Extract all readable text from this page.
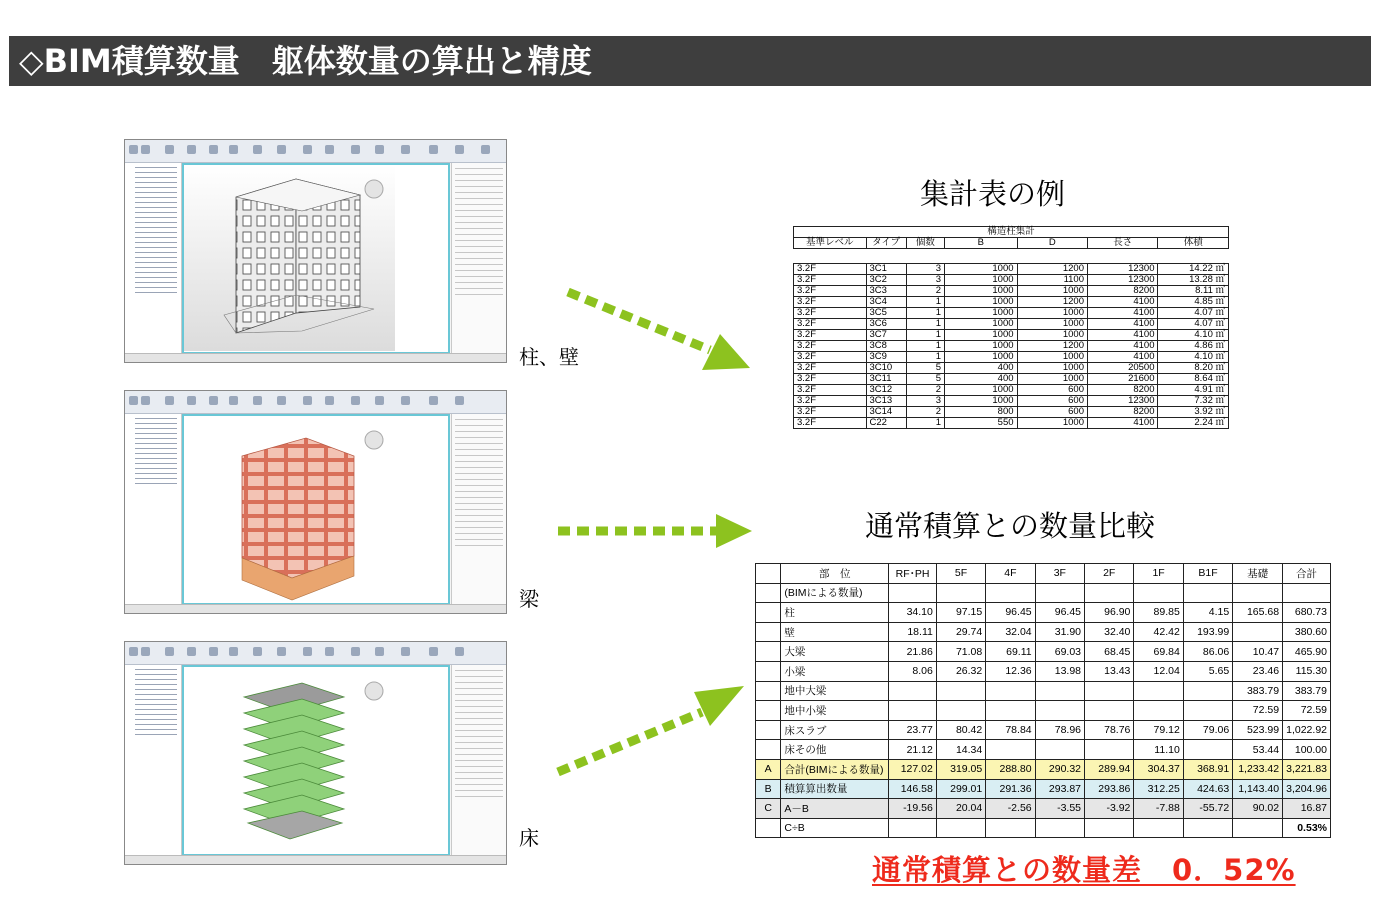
◇BIM積算数量　躯体数量の算出と精度
柱、壁
梁
床
集計表の例
通常積算との数量比較
構造柱集計						
基準レベル	タイプ	個数	B	D	長さ	体積

3.2F	3C1	3	1000	1200	12300	14.22 ㎥
3.2F	3C2	3	1000	1100	12300	13.28 ㎥
3.2F	3C3	2	1000	1000	8200	8.11 ㎥
3.2F	3C4	1	1000	1200	4100	4.85 ㎥
3.2F	3C5	1	1000	1000	4100	4.07 ㎥
3.2F	3C6	1	1000	1000	4100	4.07 ㎥
3.2F	3C7	1	1000	1000	4100	4.10 ㎥
3.2F	3C8	1	1000	1200	4100	4.86 ㎥
3.2F	3C9	1	1000	1000	4100	4.10 ㎥
3.2F	3C10	5	400	1000	20500	8.20 ㎥
3.2F	3C11	5	400	1000	21600	8.64 ㎥
3.2F	3C12	2	1000	600	8200	4.91 ㎥
3.2F	3C13	3	1000	600	12300	7.32 ㎥
3.2F	3C14	2	800	600	8200	3.92 ㎥
3.2F	C22	1	550	1000	4100	2.24 ㎥
	部　位	RF･PH	5F	4F	3F	2F	1F	B1F	基礎	合計
	(BIMによる数量)									
	柱	34.10	97.15	96.45	96.45	96.90	89.85	4.15	165.68	680.73
	壁	18.11	29.74	32.04	31.90	32.40	42.42	193.99		380.60
	大梁	21.86	71.08	69.11	69.03	68.45	69.84	86.06	10.47	465.90
	小梁	8.06	26.32	12.36	13.98	13.43	12.04	5.65	23.46	115.30
	地中大梁								383.79	383.79
	地中小梁								72.59	72.59
	床スラブ	23.77	80.42	78.84	78.96	78.76	79.12	79.06	523.99	1,022.92
	床その他	21.12	14.34				11.10		53.44	100.00
A	合計(BIMによる数量)	127.02	319.05	288.80	290.32	289.94	304.37	368.91	1,233.42	3,221.83
B	積算算出数量	146.58	299.01	291.36	293.87	293.86	312.25	424.63	1,143.40	3,204.96
C	A－B	-19.56	20.04	-2.56	-3.55	-3.92	-7.88	-55.72	90.02	16.87
	C÷B									0.53%
通常積算との数量差　0．52%
